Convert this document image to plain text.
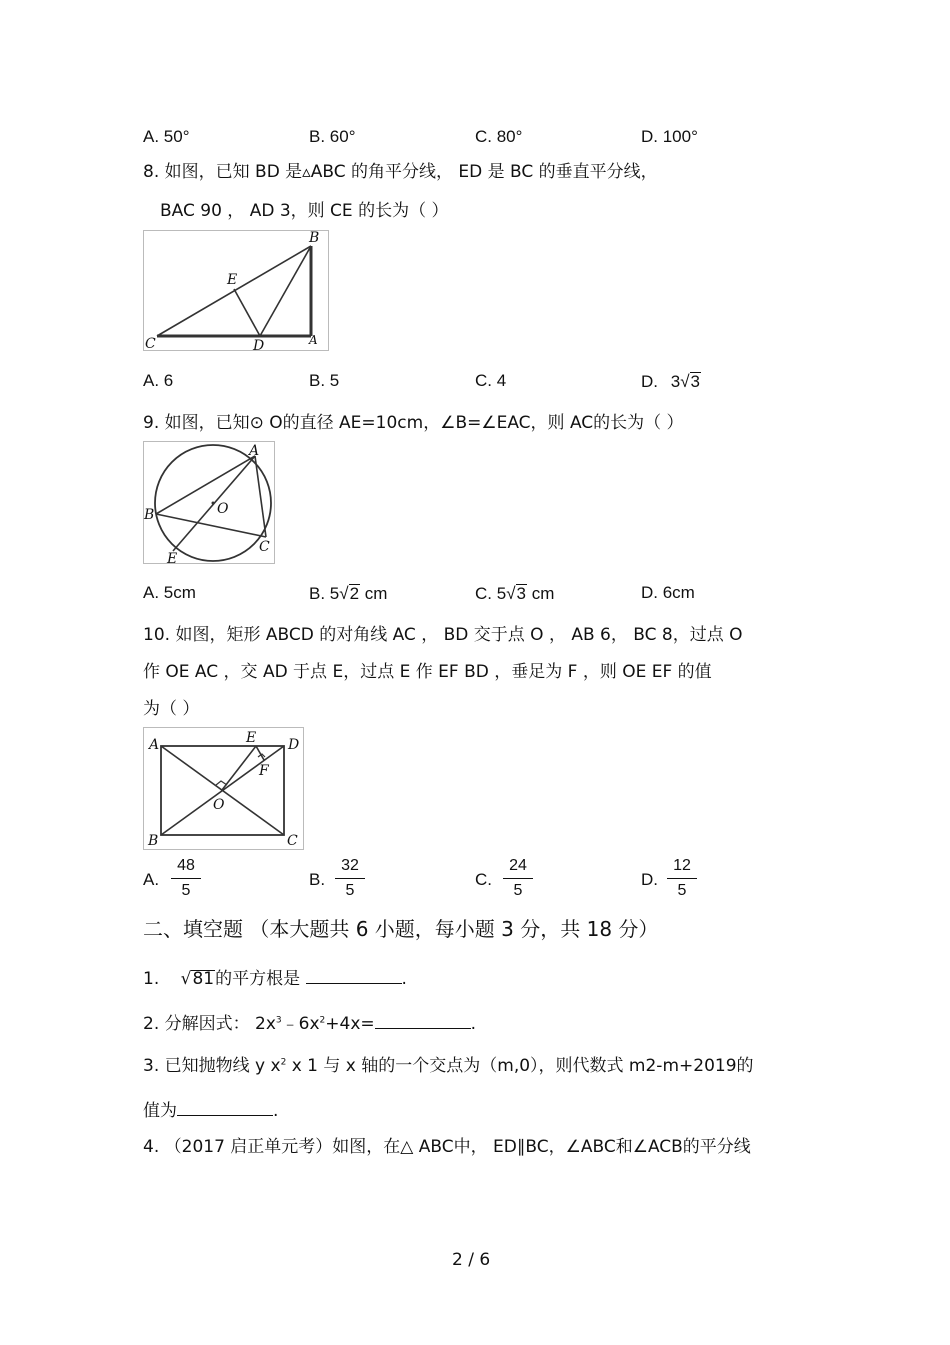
A. 50°	B. 60°	C. 80°	D. 100°
8. 如图，已知 BD 是▵ABC 的角平分线， ED 是 BC 的垂直平分线，
BAC 90 ， AD 3，则 CE 的长为（ ）
B
E
C	D	A
A. 6	B. 5	C. 4	D. 3√3
9. 如图，已知⊙ O的直径 AE=10cm，∠B=∠EAC，则 AC的长为（ ）
A
B	O
C
E
A. 5cm	B. 5√2 cm	C. 5√3 cm	D. 6cm
10. 如图，矩形 ABCD 的对角线 AC ， BD 交于点 O ， AB 6， BC 8，过点 O
作 OE AC ，交 AD 于点 E，过点 E 作 EF BD ，垂足为 F ，则 OE EF 的值
为（ ）
A	E D
F
O
B	C
A. $\frac{48}{5}$	B. $\frac{32}{5}$	C. $\frac{24}{5}$	D. $\frac{12}{5}$
二、填空题 （本大题共 6 小题，每小题 3 分，共 18 分）
1. √81的平方根是	.
2. 分解因式： $2x^3﹣6x^2+4x=$	.
3. 已知抛物线 y $x^2$ x 1 与 x 轴的一个交点为（m,0），则代数式 m2-m+2019的
值为	.
4. （2017 启正单元考）如图，在△ ABC中， ED∥BC，∠ABC和∠ACB的平分线
2 / 6
